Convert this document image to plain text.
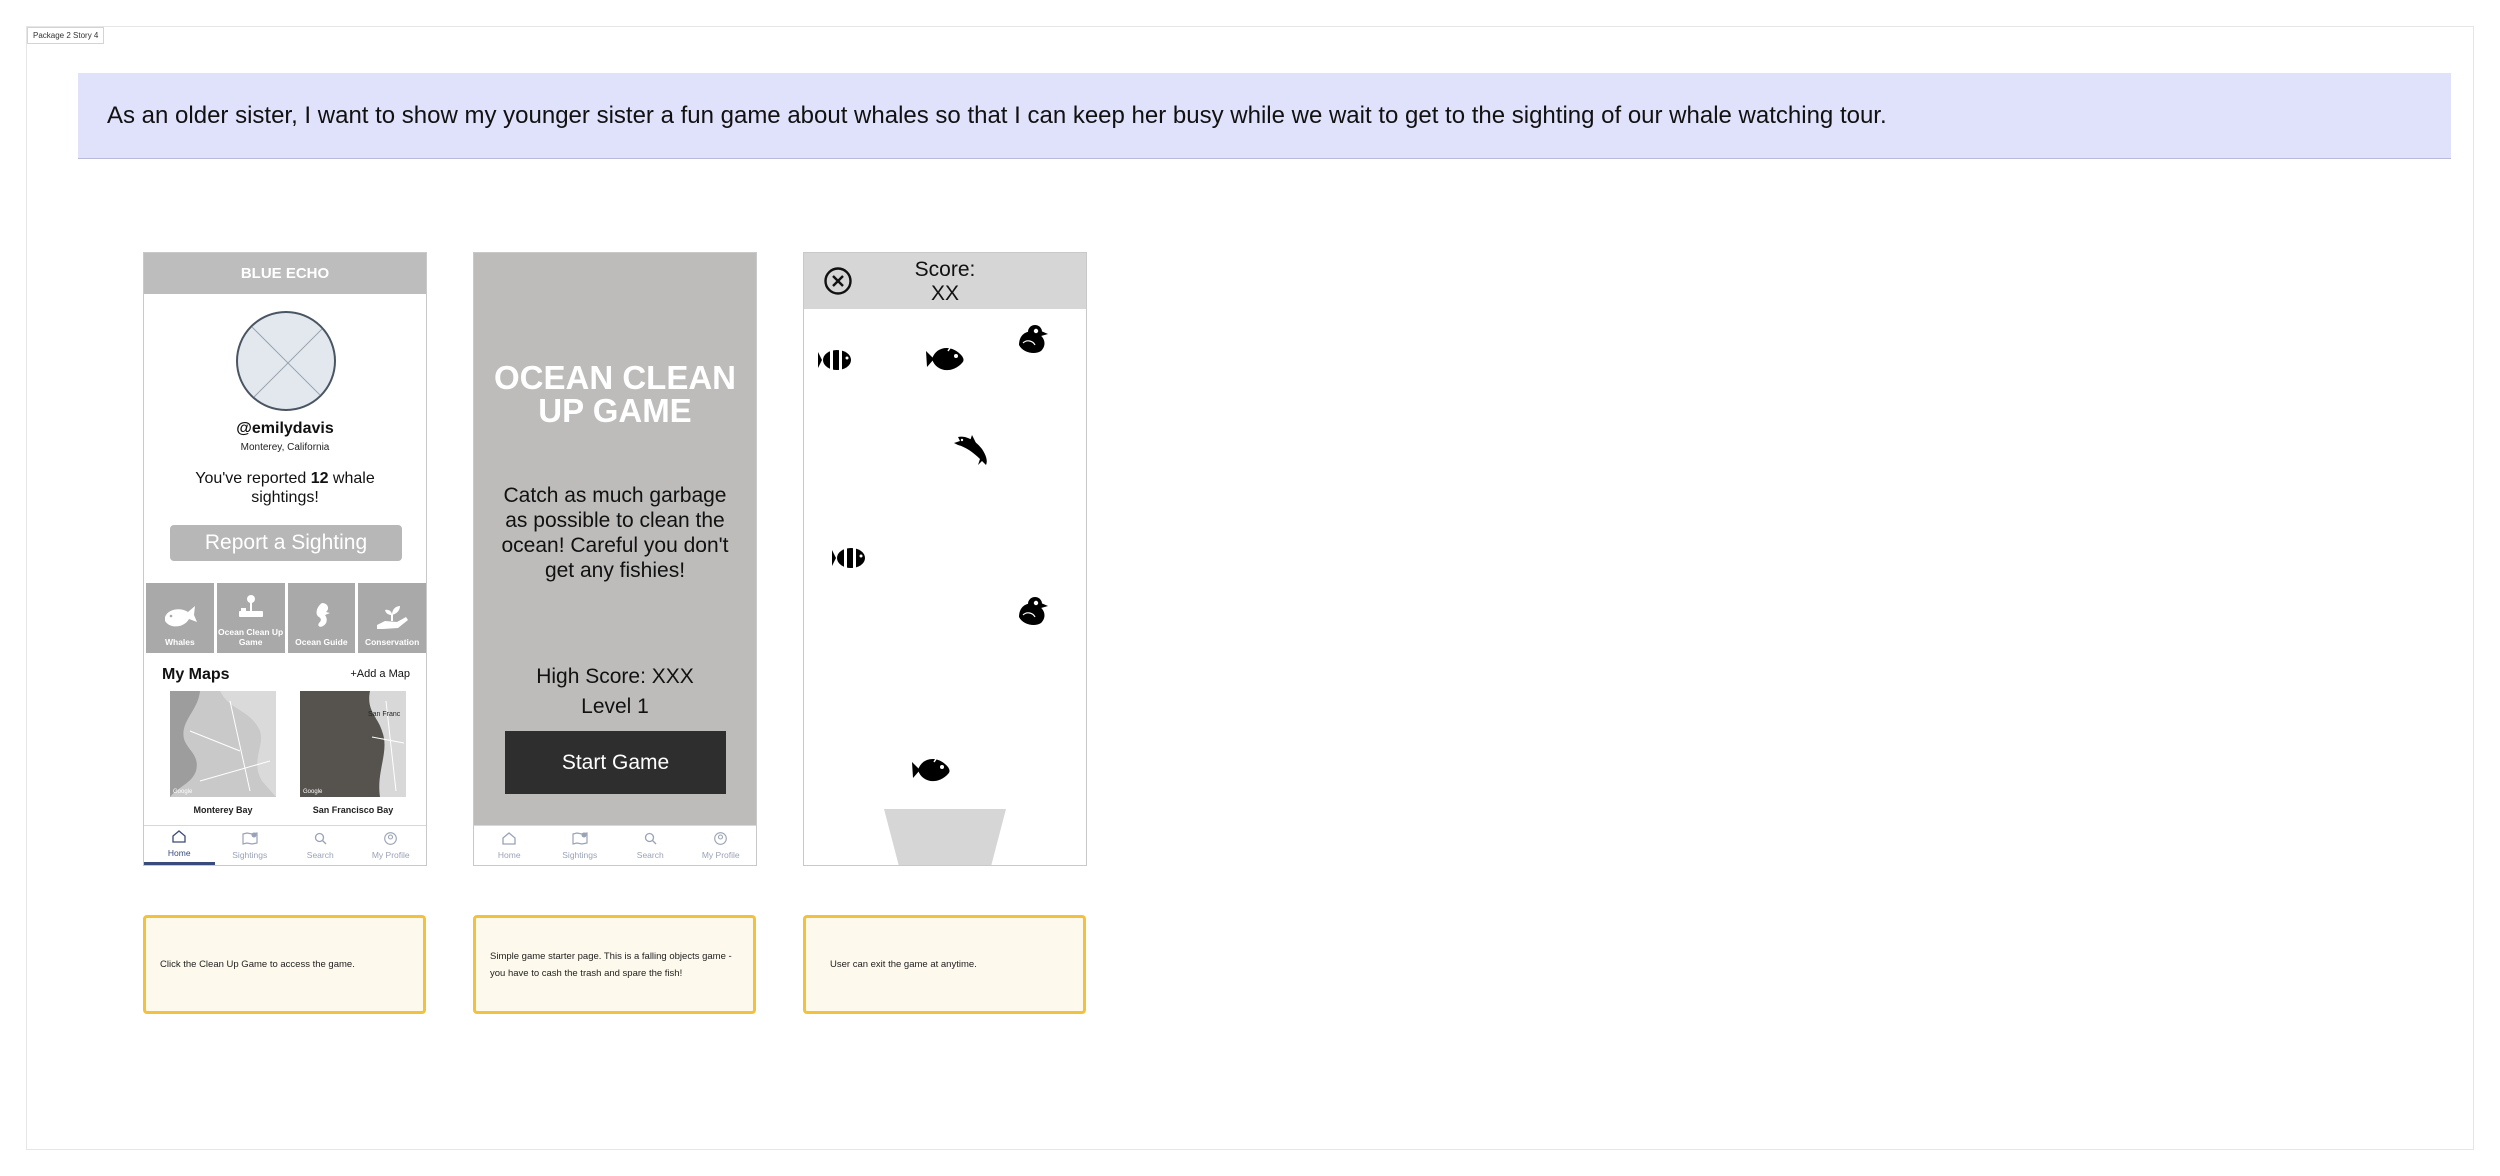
Package 2 Story 4
As an older sister, I want to show my younger sister a fun game about whales so that I can keep her busy while we wait to get to the sighting of our whale watching tour.
BLUE ECHO
@emilydavis
Monterey, California
You've reported 12 whale sightings!
Report a Sighting
Whales
Ocean Clean Up Game	Ocean Guide Conservation
My Maps	+Add a Map
Google
Monterey Bay
San Franc
Google
San Francisco Bay
Home	Sightings	Search	My Profile
OCEAN CLEAN UP GAME
Catch as much garbage as possible to clean the ocean! Careful you don't get any fishies!
High Score: XXX
Level 1
Start Game
Home	Sightings	Search	My Profile
Score:
XX
Click the Clean Up Game to access the game.
Simple game starter page. This is a falling objects game - you have to cash the trash and spare the fish!
User can exit the game at anytime.
